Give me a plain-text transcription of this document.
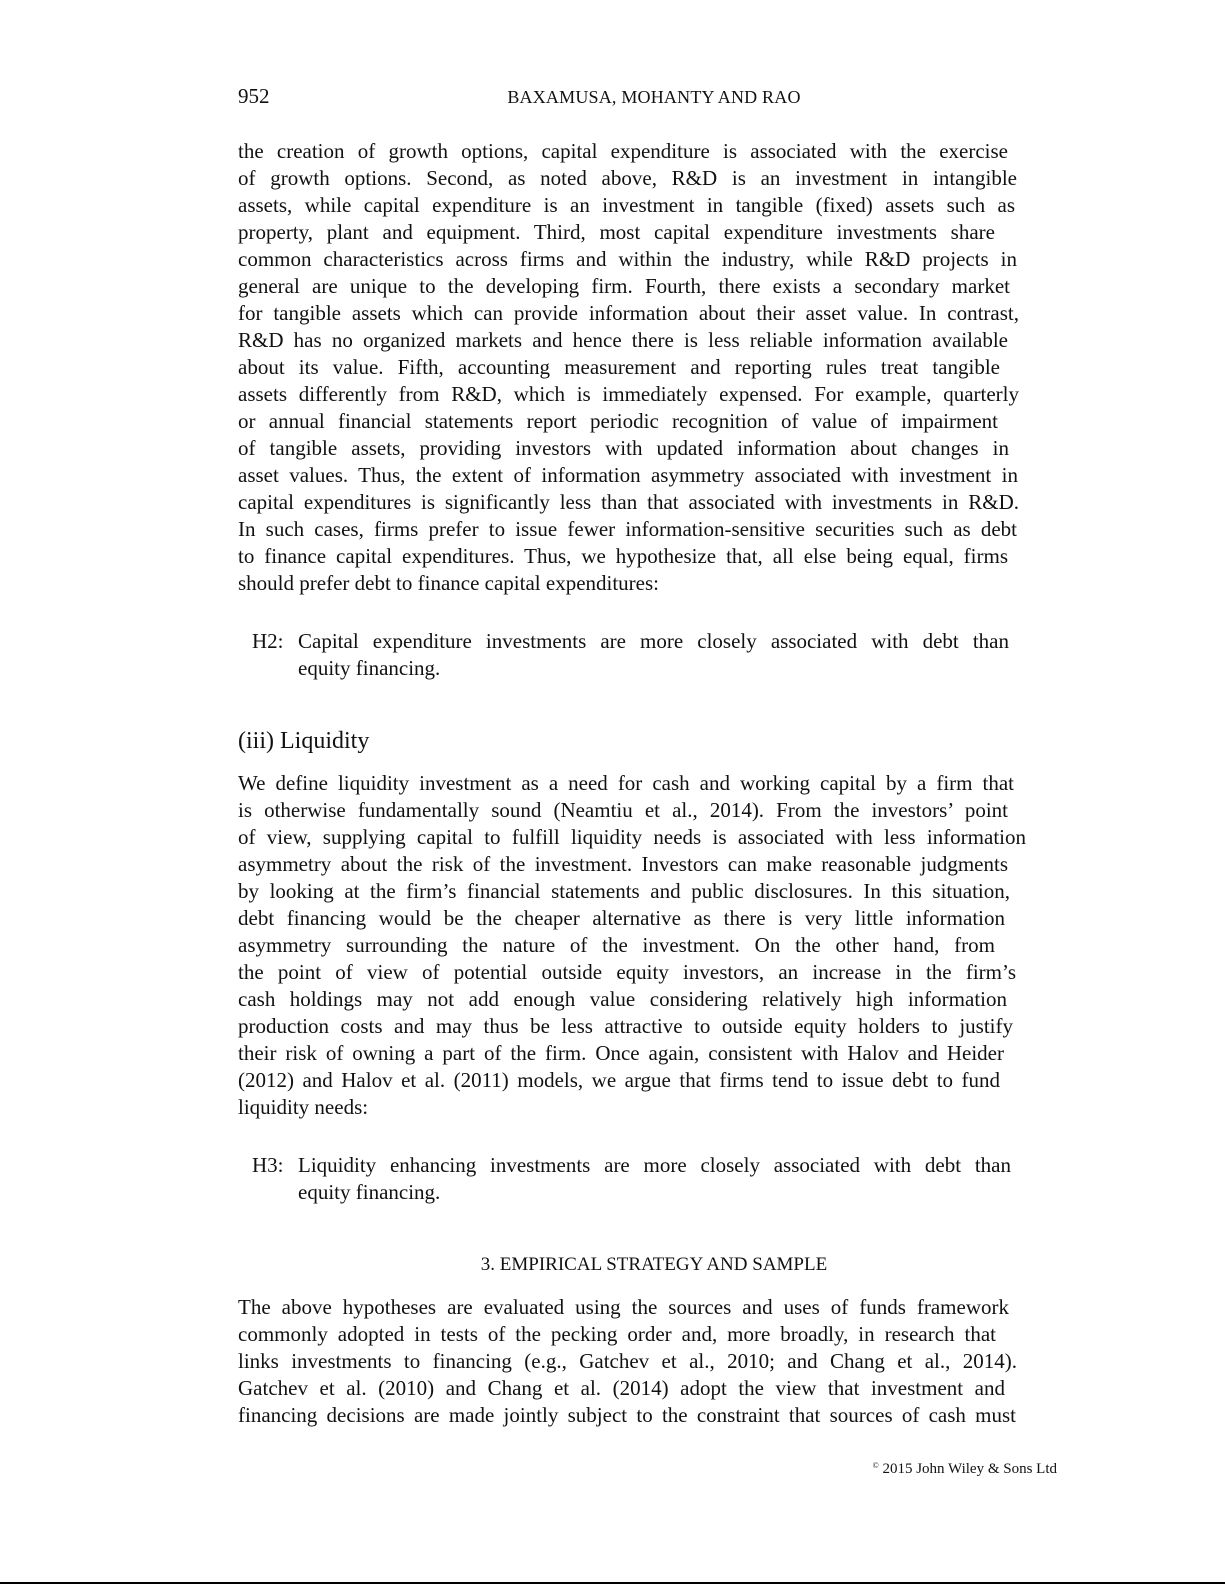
952	BAXAMUSA, MOHANTY AND RAO
the creation of growth options, capital expenditure is associated with the exercise
of growth options. Second, as noted above, R&D is an investment in intangible
assets, while capital expenditure is an investment in tangible (fixed) assets such as
property, plant and equipment. Third, most capital expenditure investments share
common characteristics across firms and within the industry, while R&D projects in
general are unique to the developing firm. Fourth, there exists a secondary market
for tangible assets which can provide information about their asset value. In contrast,
R&D has no organized markets and hence there is less reliable information available
about its value. Fifth, accounting measurement and reporting rules treat tangible
assets differently from R&D, which is immediately expensed. For example, quarterly
or annual financial statements report periodic recognition of value of impairment
of tangible assets, providing investors with updated information about changes in
asset values. Thus, the extent of information asymmetry associated with investment in
capital expenditures is significantly less than that associated with investments in R&D.
In such cases, firms prefer to issue fewer information-sensitive securities such as debt
to finance capital expenditures. Thus, we hypothesize that, all else being equal, firms
should prefer debt to finance capital expenditures:
H2: Capital expenditure investments are more closely associated with debt than
equity financing.
(iii) Liquidity
We define liquidity investment as a need for cash and working capital by a firm that
is otherwise fundamentally sound (Neamtiu et al., 2014). From the investors’ point
of view, supplying capital to fulfill liquidity needs is associated with less information
asymmetry about the risk of the investment. Investors can make reasonable judgments
by looking at the firm’s financial statements and public disclosures. In this situation,
debt financing would be the cheaper alternative as there is very little information
asymmetry surrounding the nature of the investment. On the other hand, from
the point of view of potential outside equity investors, an increase in the firm’s
cash holdings may not add enough value considering relatively high information
production costs and may thus be less attractive to outside equity holders to justify
their risk of owning a part of the firm. Once again, consistent with Halov and Heider
(2012) and Halov et al. (2011) models, we argue that firms tend to issue debt to fund
liquidity needs:
H3: Liquidity enhancing investments are more closely associated with debt than
equity financing.
3. EMPIRICAL STRATEGY AND SAMPLE
The above hypotheses are evaluated using the sources and uses of funds framework
commonly adopted in tests of the pecking order and, more broadly, in research that
links investments to financing (e.g., Gatchev et al., 2010; and Chang et al., 2014).
Gatchev et al. (2010) and Chang et al. (2014) adopt the view that investment and
financing decisions are made jointly subject to the constraint that sources of cash must
© 2015 John Wiley & Sons Ltd
